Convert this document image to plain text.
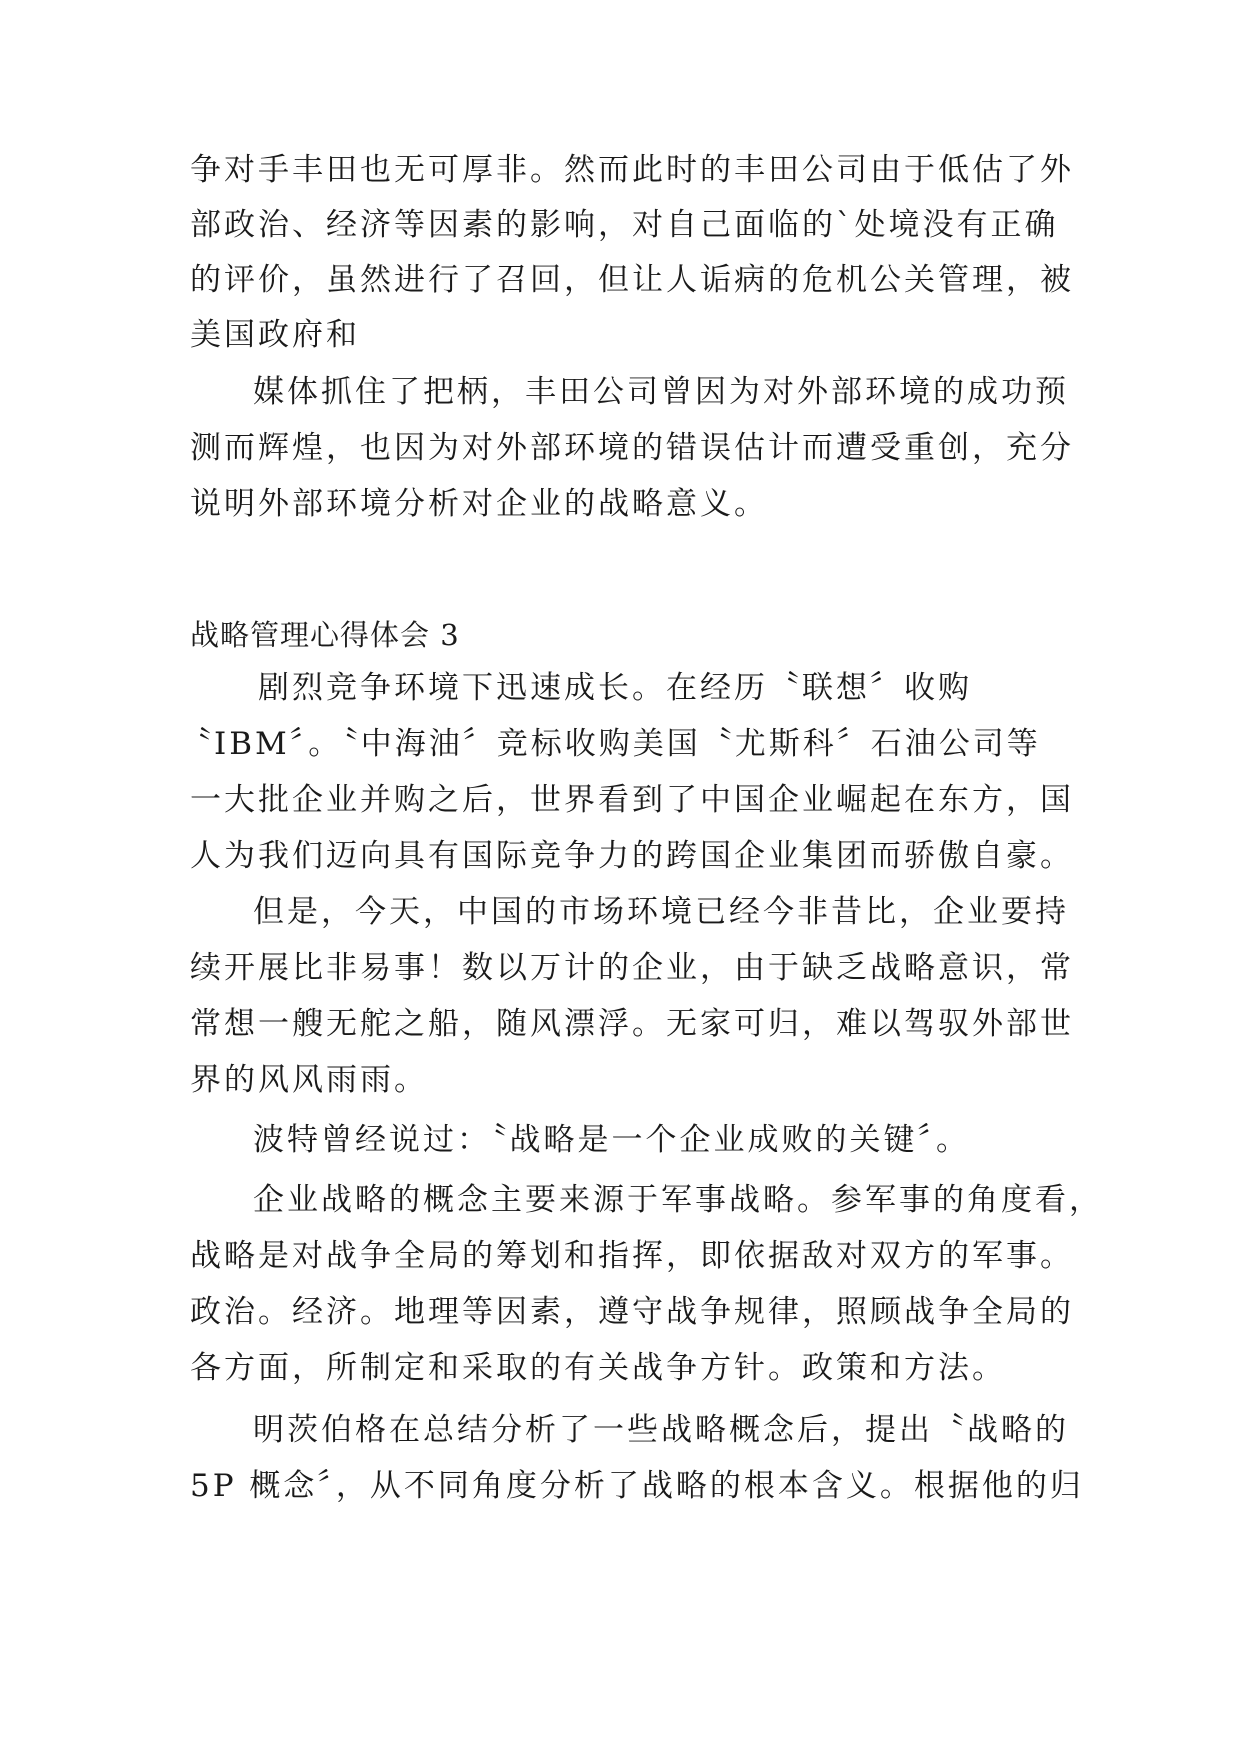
争对手丰田也无可厚非。然而此时的丰田公司由于低估了外
部政治、经济等因素的影响，对自己面临的`处境没有正确
的评价，虽然进行了召回，但让人诟病的危机公关管理，被
美国政府和
媒体抓住了把柄，丰田公司曾因为对外部环境的成功预
测而辉煌，也因为对外部环境的错误估计而遭受重创，充分
说明外部环境分析对企业的战略意义。
战略管理心得体会 3
剧烈竞争环境下迅速成长。在经历〝联想〞收购
〝IBM〞。〝中海油〞竞标收购美国〝尤斯科〞石油公司等
一大批企业并购之后，世界看到了中国企业崛起在东方，国
人为我们迈向具有国际竞争力的跨国企业集团而骄傲自豪。
但是，今天，中国的市场环境已经今非昔比，企业要持
续开展比非易事！数以万计的企业，由于缺乏战略意识，常
常想一艘无舵之船，随风漂浮。无家可归，难以驾驭外部世
界的风风雨雨。
波特曾经说过：〝战略是一个企业成败的关键〞。
企业战略的概念主要来源于军事战略。参军事的角度看，
战略是对战争全局的筹划和指挥，即依据敌对双方的军事。
政治。经济。地理等因素，遵守战争规律，照顾战争全局的
各方面，所制定和采取的有关战争方针。政策和方法。
明茨伯格在总结分析了一些战略概念后，提出〝战略的
5P 概念〞，从不同角度分析了战略的根本含义。根据他的归
